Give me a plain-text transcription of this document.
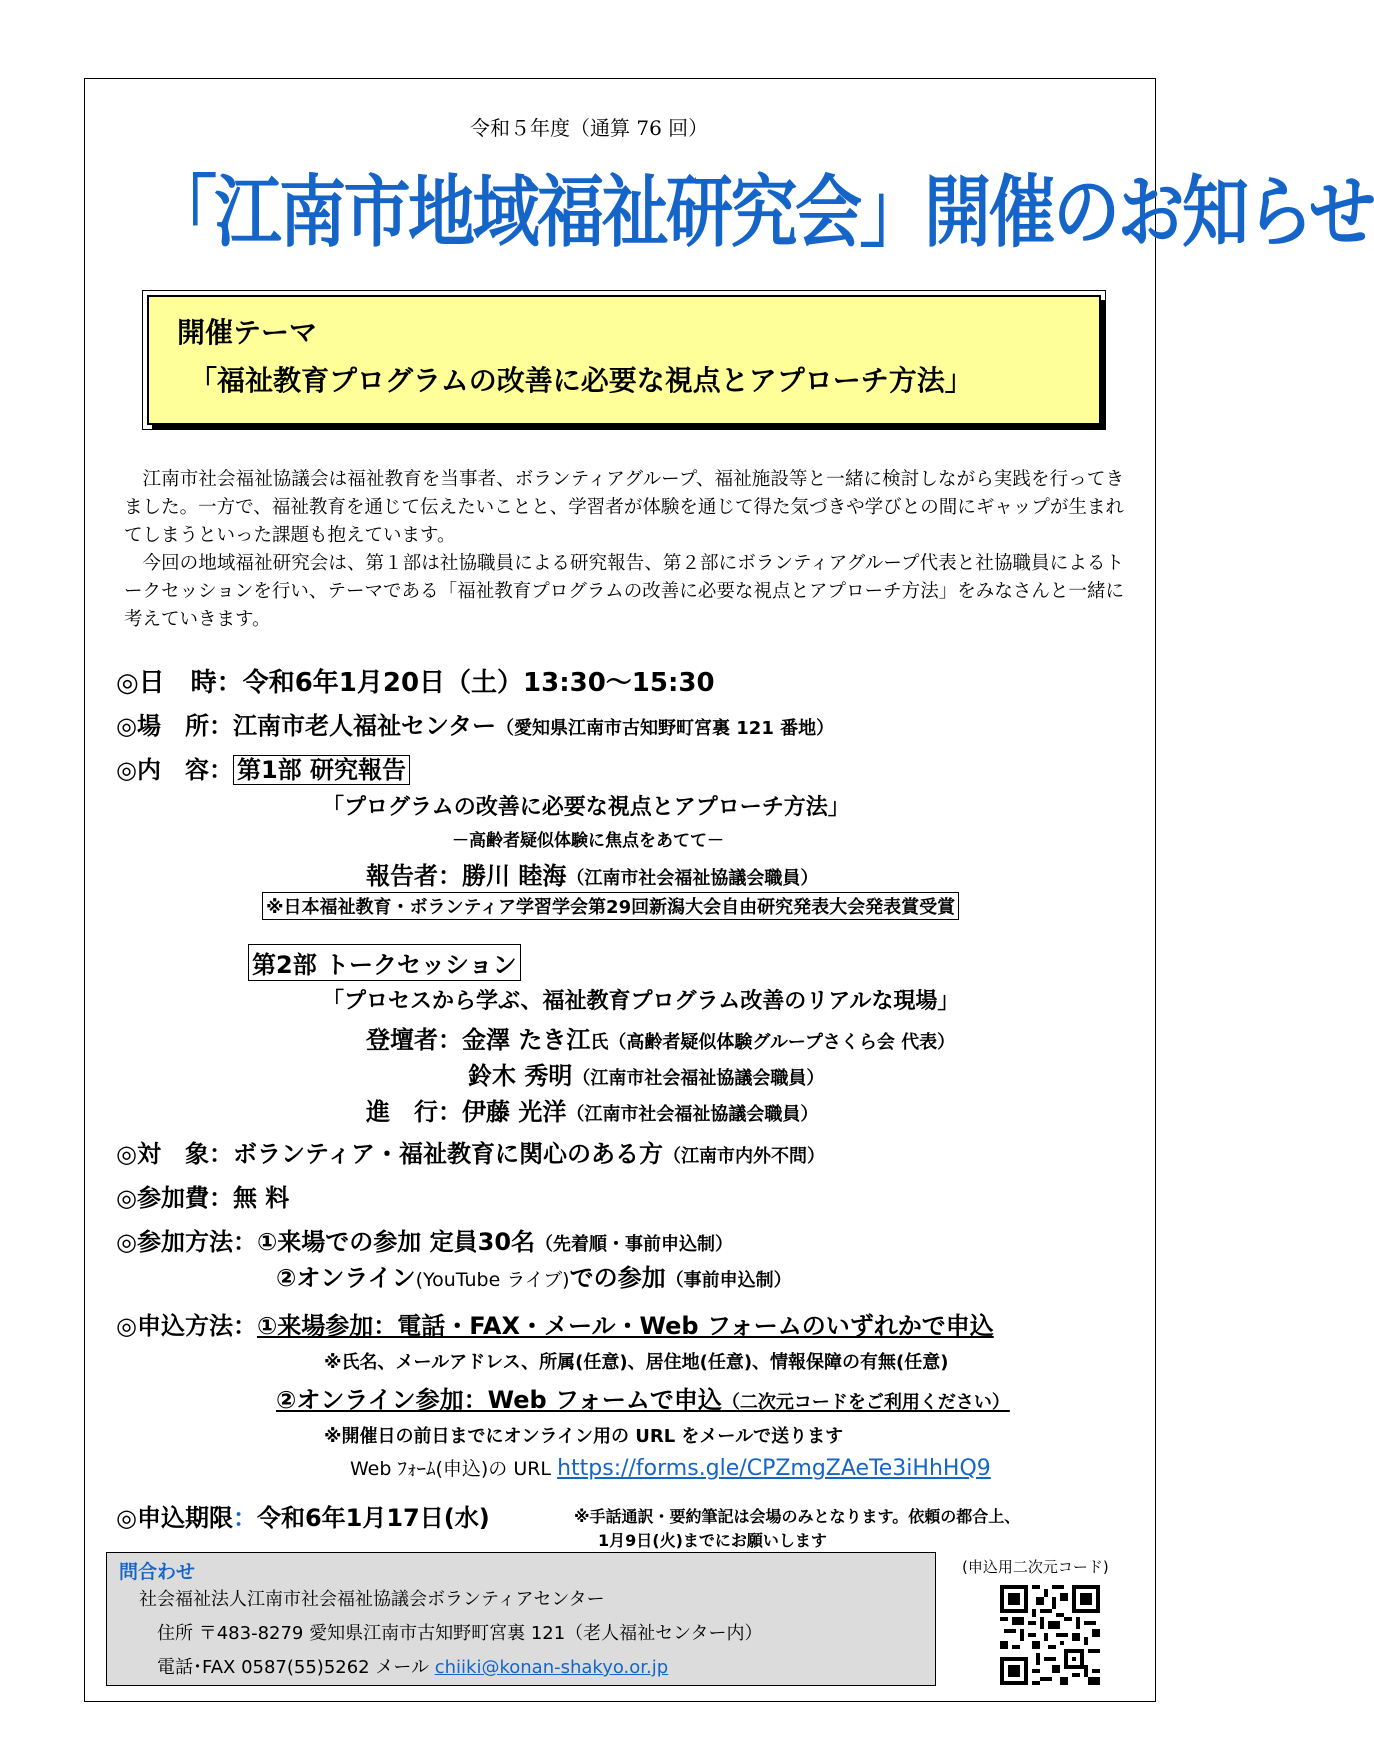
令和５年度（通算 76 回）
「江南市地域福祉研究会」開催のお知らせ
開催テーマ
「福祉教育プログラムの改善に必要な視点とアプローチ方法」

江南市社会福祉協議会は福祉教育を当事者、ボランティアグループ、福祉施設等と一緒に検討しながら実践を行ってきました。一方で、福祉教育を通じて伝えたいことと、学習者が体験を通じて得た気づきや学びとの間にギャップが生まれてしまうといった課題も抱えています。

今回の地域福祉研究会は、第１部は社協職員による研究報告、第２部にボランティアグループ代表と社協職員によるトークセッションを行い、テーマである「福祉教育プログラムの改善に必要な視点とアプローチ方法」をみなさんと一緒に考えていきます。

◎日　時：令和6年1月20日（土）13:30～15:30
◎場　所：江南市老人福祉センター（愛知県江南市古知野町宮裏 121 番地）
◎内　容： 第1部 研究報告
「プログラムの改善に必要な視点とアプローチ方法」
－高齢者疑似体験に焦点をあてて－
報告者：勝川 睦海（江南市社会福祉協議会職員）
※日本福祉教育・ボランティア学習学会第29回新潟大会自由研究発表大会発表賞受賞
第2部 トークセッション
「プロセスから学ぶ、福祉教育プログラム改善のリアルな現場」
登壇者：金澤 たき江氏（高齢者疑似体験グループさくら会 代表）
鈴木 秀明（江南市社会福祉協議会職員）
進　行：伊藤 光洋（江南市社会福祉協議会職員）
◎対　象：ボランティア・福祉教育に関心のある方（江南市内外不問）
◎参加費：無 料
◎参加方法：①来場での参加 定員30名（先着順・事前申込制）
②オンライン(YouTube ライブ)での参加（事前申込制）
◎申込方法：①来場参加：電話・FAX・メール・Web フォームのいずれかで申込
※氏名、メールアドレス、所属(任意)、居住地(任意)、情報保障の有無(任意)
②オンライン参加：Web フォームで申込（二次元コードをご利用ください）
※開催日の前日までにオンライン用の URL をメールで送ります
Web ﾌｫｰﾑ(申込)の URL https://forms.gle/CPZmgZAeTe3iHhHQ9
◎申込期限：令和6年1月17日(水)	※手話通訳・要約筆記は会場のみとなります。依頼の都合上、
1月9日(火)までにお願いします
問合わせ
社会福祉法人江南市社会福祉協議会ボランティアセンター
住所 〒483-8279 愛知県江南市古知野町宮裏 121（老人福祉センター内）
電話･FAX 0587(55)5262 メール chiiki@konan-shakyo.or.jp
(申込用二次元コード)
